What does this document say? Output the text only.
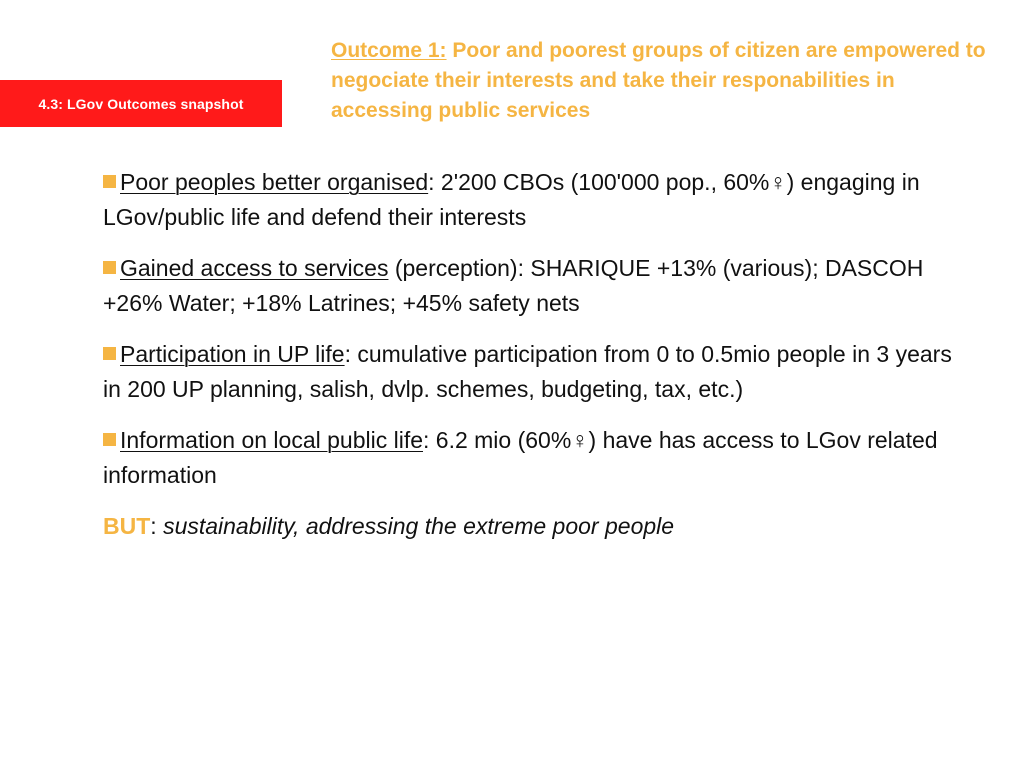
4.3: LGov Outcomes snapshot
Outcome 1: Poor and poorest groups of citizen are empowered to negociate their interests and take their responabilities in accessing public services
Poor peoples better organised: 2'200 CBOs (100'000 pop., 60%♀) engaging in LGov/public life and defend their interests
Gained access to services (perception): SHARIQUE +13% (various); DASCOH +26% Water; +18% Latrines; +45% safety nets
Participation in UP life: cumulative participation from 0 to 0.5mio people in 3 years in 200 UP planning, salish, dvlp. schemes, budgeting, tax, etc.)
Information on local public life: 6.2 mio (60%♀) have has access to LGov related information
BUT: sustainability, addressing the extreme poor people
